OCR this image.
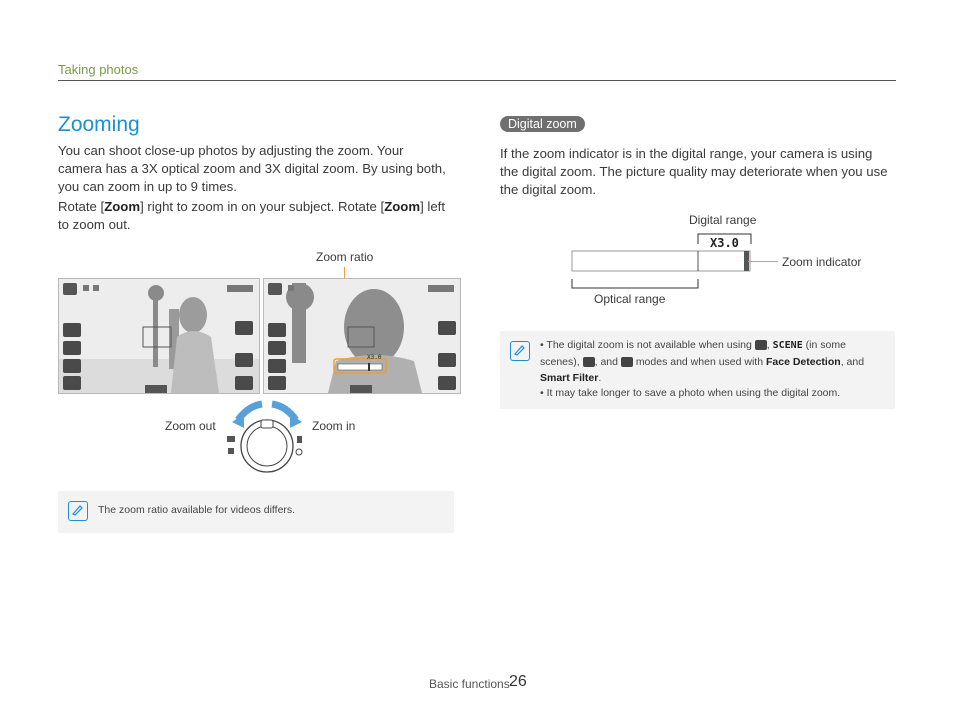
Taking photos
Zooming
You can shoot close-up photos by adjusting the zoom. Your camera has a 3X optical zoom and 3X digital zoom. By using both, you can zoom in up to 9 times.
Rotate [Zoom] right to zoom in on your subject. Rotate [Zoom] left to zoom out.
Zoom ratio
X3.0
Zoom out	Zoom in
The zoom ratio available for videos differs.
Digital zoom
If the zoom indicator is in the digital range, your camera is using the digital zoom. The picture quality may deteriorate when you use the digital zoom.
Digital range
X3.0
Zoom indicator
Optical range
• The digital zoom is not available when using , SCENE (in some scenes), , and modes and when used with Face Detection, and Smart Filter.
• It may take longer to save a photo when using the digital zoom.
Basic functions 26
